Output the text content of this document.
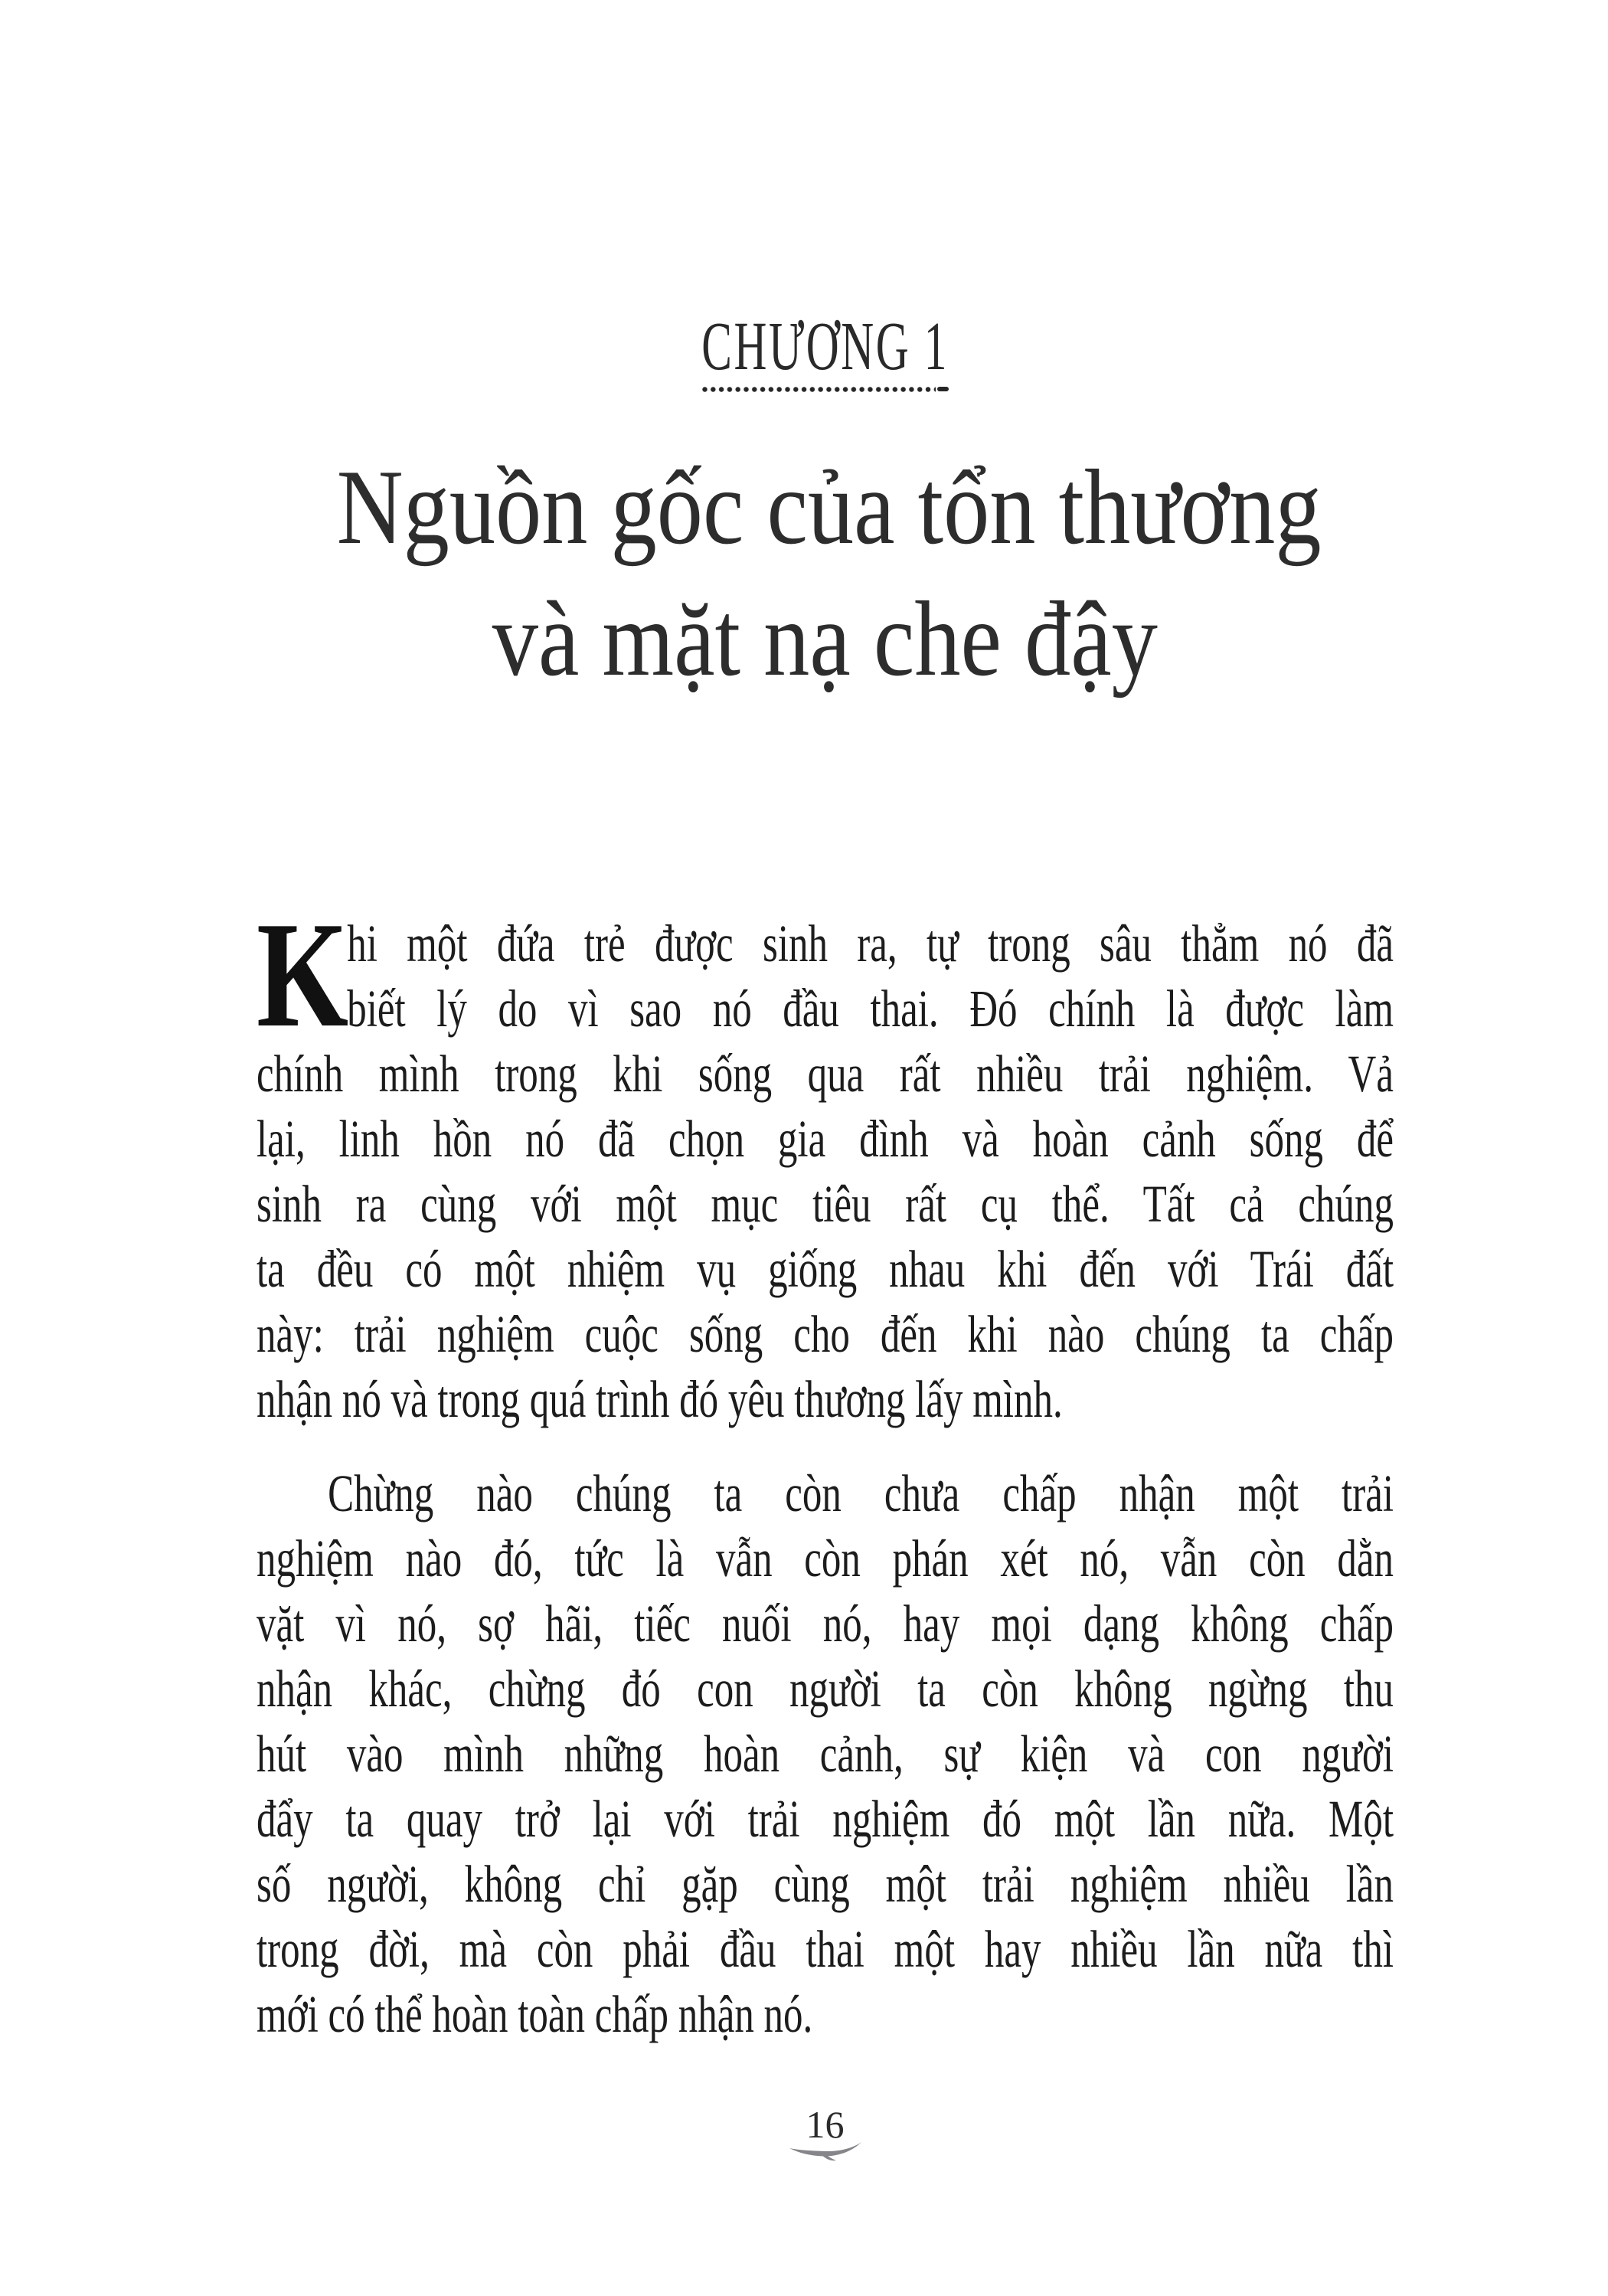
CHƯƠNG 1
Nguồn gốc của tổn thương
và mặt nạ che đậy
K
hi một đứa trẻ được sinh ra, tự trong sâu thẳm nó đã
biết lý do vì sao nó đầu thai. Đó chính là được làm
chính mình trong khi sống qua rất nhiều trải nghiệm. Vả
lại, linh hồn nó đã chọn gia đình và hoàn cảnh sống để
sinh ra cùng với một mục tiêu rất cụ thể. Tất cả chúng
ta đều có một nhiệm vụ giống nhau khi đến với Trái đất
này: trải nghiệm cuộc sống cho đến khi nào chúng ta chấp
nhận nó và trong quá trình đó yêu thương lấy mình.
Chừng nào chúng ta còn chưa chấp nhận một trải
nghiệm nào đó, tức là vẫn còn phán xét nó, vẫn còn dằn
vặt vì nó, sợ hãi, tiếc nuối nó, hay mọi dạng không chấp
nhận khác, chừng đó con người ta còn không ngừng thu
hút vào mình những hoàn cảnh, sự kiện và con người
đẩy ta quay trở lại với trải nghiệm đó một lần nữa. Một
số người, không chỉ gặp cùng một trải nghiệm nhiều lần
trong đời, mà còn phải đầu thai một hay nhiều lần nữa thì
mới có thể hoàn toàn chấp nhận nó.
16
